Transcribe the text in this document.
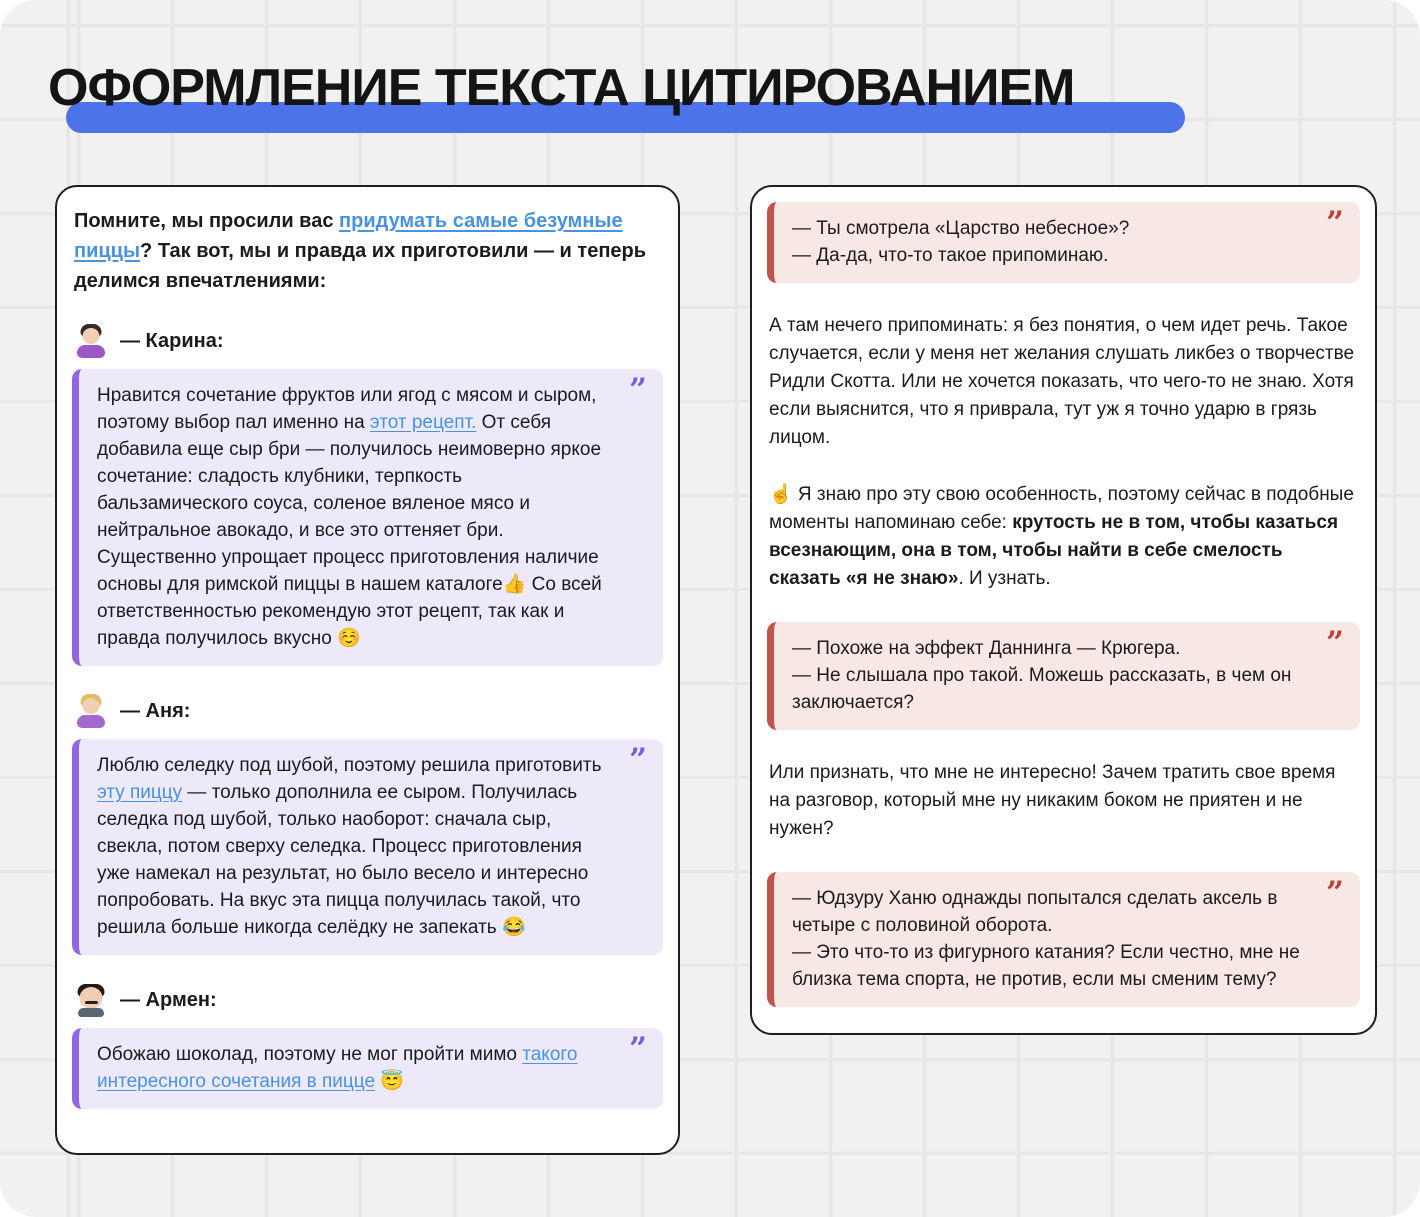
ОФОРМЛЕНИЕ ТЕКСТА ЦИТИРОВАНИЕМ

Помните, мы просили вас придумать самые безумные пиццы? Так вот, мы и правда их приготовили — и теперь делимся впечатлениями:

— Карина:
”
Нравится сочетание фруктов или ягод с мясом и сыром, поэтому выбор пал именно на этот рецепт. От себя добавила еще сыр бри — получилось неимоверно яркое сочетание: сладость клубники, терпкость бальзамического соуса, соленое вяленое мясо и нейтральное авокадо, и все это оттеняет бри. Существенно упрощает процесс приготовления наличие основы для римской пиццы в нашем каталоге👍 Со всей ответственностью рекомендую этот рецепт, так как и правда получилось вкусно ☺️
— Аня:
”
Люблю селедку под шубой, поэтому решила приготовить эту пиццу — только дополнила ее сыром. Получилась селедка под шубой, только наоборот: сначала сыр, свекла, потом сверху селедка. Процесс приготовления уже намекал на результат, но было весело и интересно попробовать. На вкус эта пицца получилась такой, что решила больше никогда селёдку не запекать 😂
— Армен:
”
Обожаю шоколад, поэтому не мог пройти мимо такого интересного сочетания в пицце 😇
”
— Ты смотрела «Царство небесное»?
— Да-да, что-то такое припоминаю.

А там нечего припоминать: я без понятия, о чем идет речь. Такое случается, если у меня нет желания слушать ликбез о творчестве Ридли Скотта. Или не хочется показать, что чего-то не знаю. Хотя если выяснится, что я приврала, тут уж я точно ударю в грязь лицом.

☝️ Я знаю про эту свою особенность, поэтому сейчас в подобные моменты напоминаю себе: крутость не в том, чтобы казаться всезнающим, она в том, чтобы найти в себе смелость сказать «я не знаю». И узнать.

”
— Похоже на эффект Даннинга — Крюгера.
— Не слышала про такой. Можешь рассказать, в чем он заключается?

Или признать, что мне не интересно! Зачем тратить свое время на разговор, который мне ну никаким боком не приятен и не нужен?

”
— Юдзуру Ханю однажды попытался сделать аксель в четыре с половиной оборота.
— Это что-то из фигурного катания? Если честно, мне не близка тема спорта, не против, если мы сменим тему?
